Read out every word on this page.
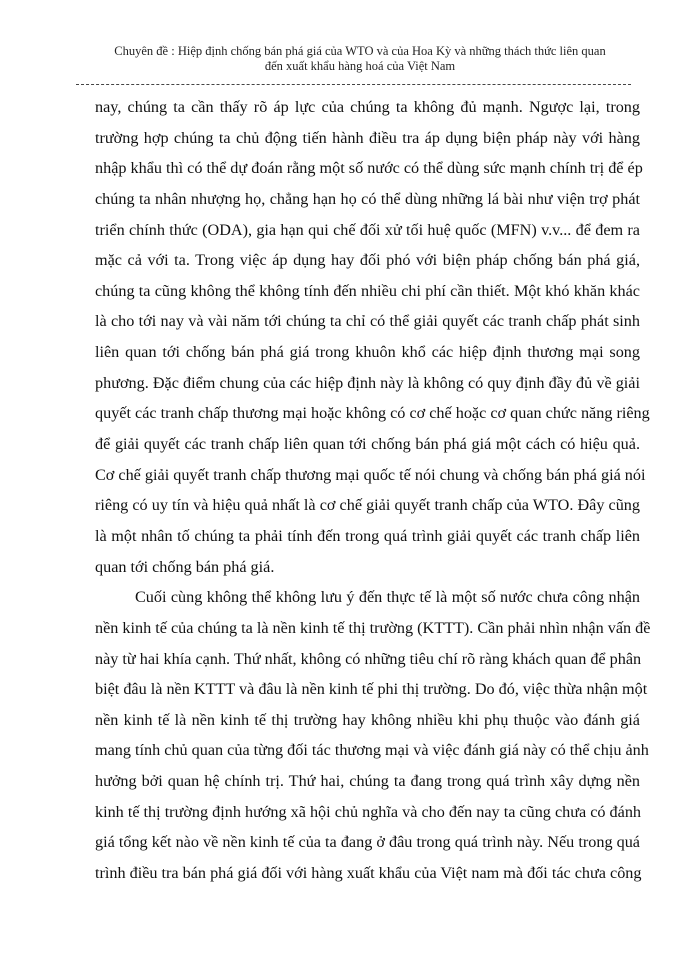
Chuyên đề : Hiệp định chống bán phá giá của WTO và của Hoa Kỳ và những thách thức liên quan
đến xuất khẩu hàng hoá của Việt Nam
nay, chúng ta cần thấy rõ áp lực của chúng ta không đủ mạnh. Ngược lại, trong
trường hợp chúng ta chủ động tiến hành điều tra áp dụng biện pháp này với hàng
nhập khẩu thì có thể dự đoán rằng một số nước có thể dùng sức mạnh chính trị để ép
chúng ta nhân nhượng họ, chẳng hạn họ có thể dùng những lá bài như viện trợ phát
triển chính thức (ODA), gia hạn qui chế đối xử tối huệ quốc (MFN) v.v... để đem ra
mặc cả với ta. Trong việc áp dụng hay đối phó với biện pháp chống bán phá giá,
chúng ta cũng không thể không tính đến nhiều chi phí cần thiết. Một khó khăn khác
là cho tới nay và vài năm tới chúng ta chỉ có thể giải quyết các tranh chấp phát sinh
liên quan tới chống bán phá giá trong khuôn khổ các hiệp định thương mại song
phương. Đặc điểm chung của các hiệp định này là không có quy định đầy đủ về giải
quyết các tranh chấp thương mại hoặc không có cơ chế hoặc cơ quan chức năng riêng
để giải quyết các tranh chấp liên quan tới chống bán phá giá một cách có hiệu quả.
Cơ chế giải quyết tranh chấp thương mại quốc tế nói chung và chống bán phá giá nói
riêng có uy tín và hiệu quả nhất là cơ chế giải quyết tranh chấp của WTO. Đây cũng
là một nhân tố chúng ta phải tính đến trong quá trình giải quyết các tranh chấp liên
quan tới chống bán phá giá.
Cuối cùng không thể không lưu ý đến thực tế là một số nước chưa công nhận
nền kinh tế của chúng ta là nền kinh tế thị trường (KTTT). Cần phải nhìn nhận vấn đề
này từ hai khía cạnh. Thứ nhất, không có những tiêu chí rõ ràng khách quan để phân
biệt đâu là nền KTTT và đâu là nền kinh tế phi thị trường. Do đó, việc thừa nhận một
nền kinh tế là nền kinh tế thị trường hay không nhiều khi phụ thuộc vào đánh giá
mang tính chủ quan của từng đối tác thương mại và việc đánh giá này có thể chịu ảnh
hưởng bởi quan hệ chính trị. Thứ hai, chúng ta đang trong quá trình xây dựng nền
kinh tế thị trường định hướng xã hội chủ nghĩa và cho đến nay ta cũng chưa có đánh
giá tổng kết nào về nền kinh tế của ta đang ở đâu trong quá trình này. Nếu trong quá
trình điều tra bán phá giá đối với hàng xuất khẩu của Việt nam mà đối tác chưa công
